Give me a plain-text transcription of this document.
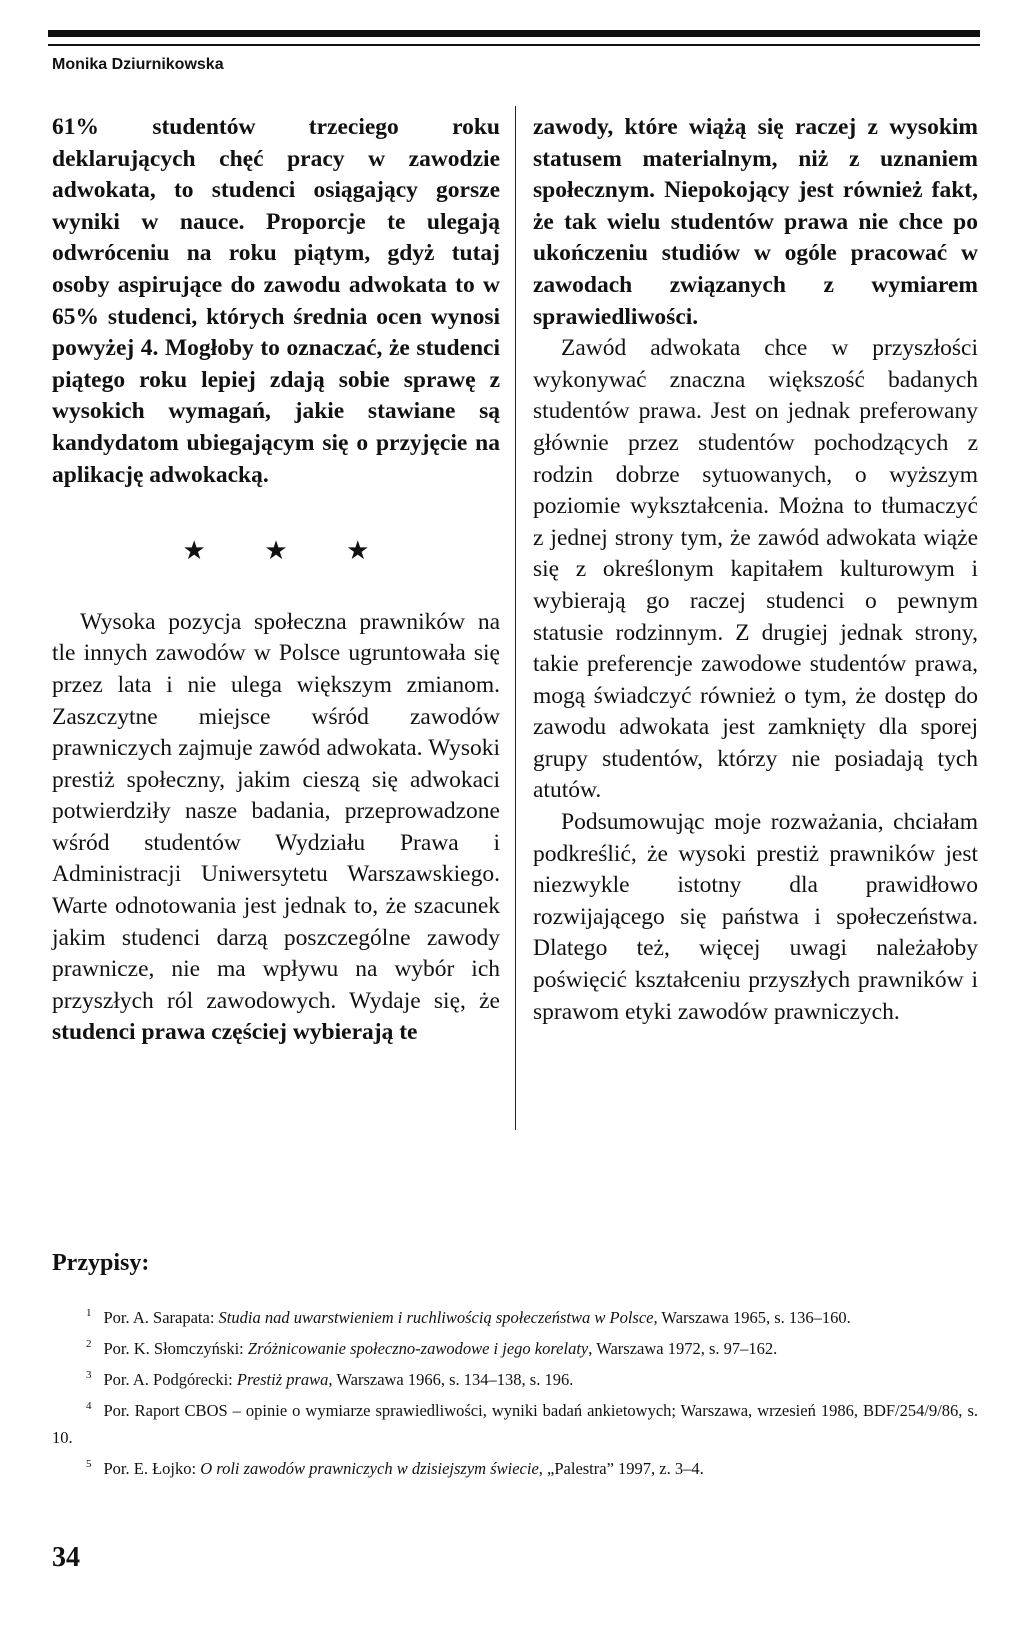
Monika Dziurnikowska

61% studentów trzeciego roku deklarujących chęć pracy w zawodzie adwokata, to studenci osiągający gorsze wyniki w nauce. Proporcje te ulegają odwróceniu na roku piątym, gdyż tutaj osoby aspirujące do zawodu adwokata to w 65% studenci, których średnia ocen wynosi powyżej 4. Mogłoby to oznaczać, że studenci piątego roku lepiej zdają sobie sprawę z wysokich wymagań, jakie stawiane są kandydatom ubiegającym się o przyjęcie na aplikację adwokacką.

★ ★ ★

Wysoka pozycja społeczna prawników na tle innych zawodów w Polsce ugruntowała się przez lata i nie ulega większym zmianom. Zaszczytne miejsce wśród zawodów prawniczych zajmuje zawód adwokata. Wysoki prestiż społeczny, jakim cieszą się adwokaci potwierdziły nasze badania, przeprowadzone wśród studentów Wydziału Prawa i Administracji Uniwersytetu Warszawskiego. Warte odnotowania jest jednak to, że szacunek jakim studenci darzą poszczególne zawody prawnicze, nie ma wpływu na wybór ich przyszłych ról zawodowych. Wydaje się, że studenci prawa częściej wybierają te

zawody, które wiążą się raczej z wysokim statusem materialnym, niż z uznaniem społecznym. Niepokojący jest również fakt, że tak wielu studentów prawa nie chce po ukończeniu studiów w ogóle pracować w zawodach związanych z wymiarem sprawiedliwości.

Zawód adwokata chce w przyszłości wykonywać znaczna większość badanych studentów prawa. Jest on jednak preferowany głównie przez studentów pochodzących z rodzin dobrze sytuowanych, o wyższym poziomie wykształcenia. Można to tłumaczyć z jednej strony tym, że zawód adwokata wiąże się z określonym kapitałem kulturowym i wybierają go raczej studenci o pewnym statusie rodzinnym. Z drugiej jednak strony, takie preferencje zawodowe studentów prawa, mogą świadczyć również o tym, że dostęp do zawodu adwokata jest zamknięty dla sporej grupy studentów, którzy nie posiadają tych atutów.

Podsumowując moje rozważania, chciałam podkreślić, że wysoki prestiż prawników jest niezwykle istotny dla prawidłowo rozwijającego się państwa i społeczeństwa. Dlatego też, więcej uwagi należałoby poświęcić kształceniu przyszłych prawników i sprawom etyki zawodów prawniczych.

Przypisy:

$^1$ Por. A. Sarapata: Studia nad uwarstwieniem i ruchliwością społeczeństwa w Polsce, Warszawa 1965, s. 136–160.

$^2$ Por. K. Słomczyński: Zróżnicowanie społeczno-zawodowe i jego korelaty, Warszawa 1972, s. 97–162.

$^3$ Por. A. Podgórecki: Prestiż prawa, Warszawa 1966, s. 134–138, s. 196.

$^4$ Por. Raport CBOS – opinie o wymiarze sprawiedliwości, wyniki badań ankietowych; Warszawa, wrzesień 1986, BDF/254/9/86, s. 10.

$^5$ Por. E. Łojko: O roli zawodów prawniczych w dzisiejszym świecie, „Palestra” 1997, z. 3–4.

34
